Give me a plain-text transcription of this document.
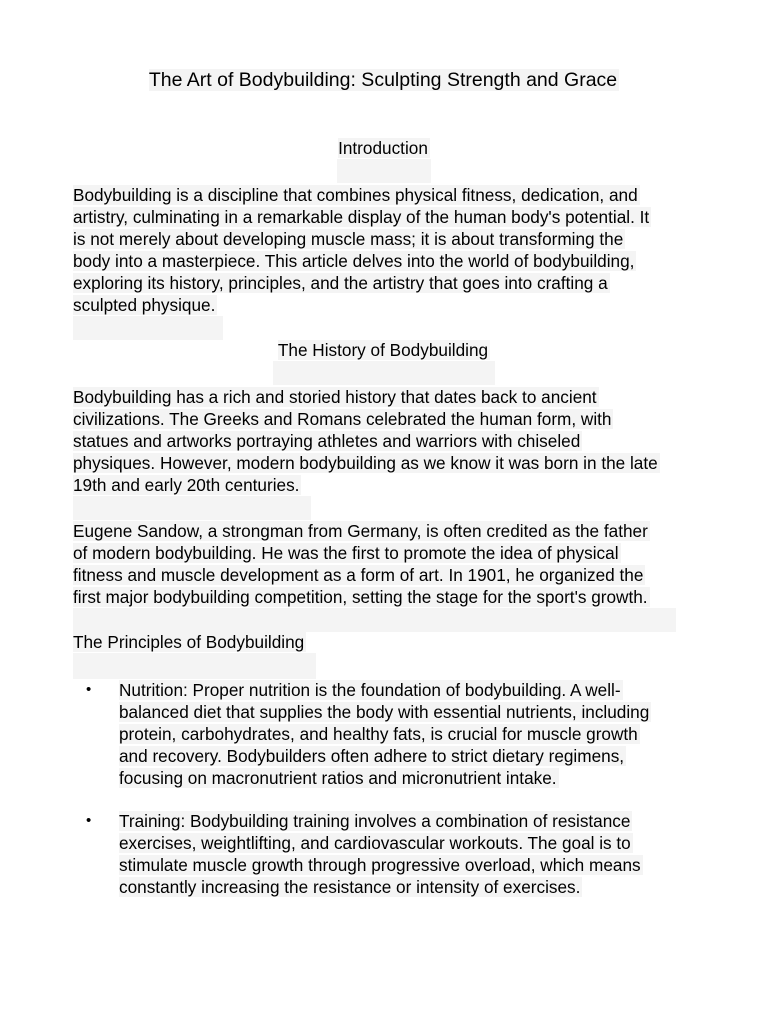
The Art of Bodybuilding: Sculpting Strength and Grace
Introduction
Bodybuilding is a discipline that combines physical fitness, dedication, and
artistry, culminating in a remarkable display of the human body's potential. It
is not merely about developing muscle mass; it is about transforming the
body into a masterpiece. This article delves into the world of bodybuilding,
exploring its history, principles, and the artistry that goes into crafting a
sculpted physique.
The History of Bodybuilding
Bodybuilding has a rich and storied history that dates back to ancient
civilizations. The Greeks and Romans celebrated the human form, with
statues and artworks portraying athletes and warriors with chiseled
physiques. However, modern bodybuilding as we know it was born in the late
19th and early 20th centuries.
Eugene Sandow, a strongman from Germany, is often credited as the father
of modern bodybuilding. He was the first to promote the idea of physical
fitness and muscle development as a form of art. In 1901, he organized the
first major bodybuilding competition, setting the stage for the sport's growth.
The Principles of Bodybuilding
• Nutrition: Proper nutrition is the foundation of bodybuilding. A well-
balanced diet that supplies the body with essential nutrients, including
protein, carbohydrates, and healthy fats, is crucial for muscle growth
and recovery. Bodybuilders often adhere to strict dietary regimens,
focusing on macronutrient ratios and micronutrient intake.
• Training: Bodybuilding training involves a combination of resistance
exercises, weightlifting, and cardiovascular workouts. The goal is to
stimulate muscle growth through progressive overload, which means
constantly increasing the resistance or intensity of exercises.
